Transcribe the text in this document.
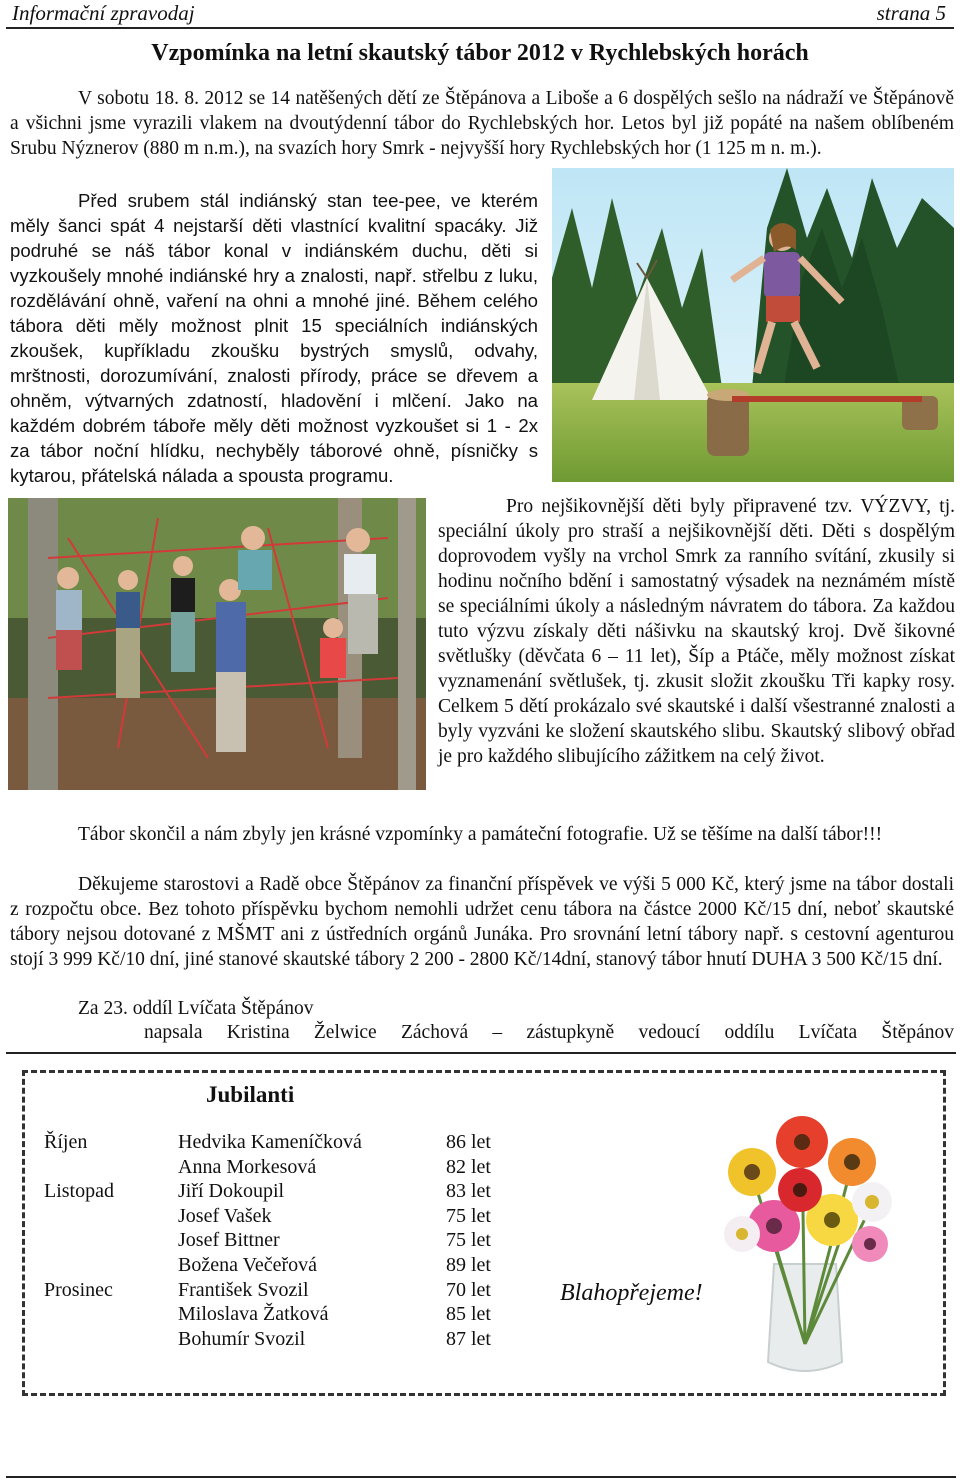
Informační zpravodaj	strana 5
Vzpomínka na letní skautský tábor 2012 v Rychlebských horách

V sobotu 18. 8. 2012 se 14 natěšených dětí ze Štěpánova a Liboše a 6 dospělých sešlo na nádraží ve Štěpánově a všichni jsme vyrazili vlakem na dvoutýdenní tábor do Rychlebských hor. Letos byl již popáté na našem oblíbeném Srubu Nýznerov (880 m n.m.), na svazích hory Smrk - nejvyšší hory Rychlebských hor (1 125 m n. m.).

Před srubem stál indiánský stan tee-pee, ve kterém měly šanci spát 4 nejstarší děti vlastnící kvalitní spacáky. Již podruhé se náš tábor konal v indiánském duchu, děti si vyzkoušely mnohé indiánské hry a znalosti, např. střelbu z luku, rozdělávání ohně, vaření na ohni a mnohé jiné. Během celého tábora děti měly možnost plnit 15 speciálních indiánských zkoušek, kupříkladu zkoušku bystrých smyslů, odvahy, mrštnosti, dorozumívání, znalosti přírody, práce se dřevem a ohněm, výtvarných zdatností, hladovění i mlčení. Jako na každém dobrém táboře měly děti možnost vyzkoušet si 1 - 2x za tábor noční hlídku, nechyběly táborové ohně, písničky s kytarou, přátelská nálada a spousta programu.

Pro nejšikovnější děti byly připravené tzv. VÝZVY, tj. speciální úkoly pro straší a nejšikovnější děti. Děti s dospělým doprovodem vyšly na vrchol Smrk za ranního svítání, zkusily si hodinu nočního bdění i samostatný výsadek na neznámém místě se speciálními úkoly a následným návratem do tábora. Za každou tuto výzvu získaly děti nášivku na skautský kroj. Dvě šikovné světlušky (děvčata 6 – 11 let), Šíp a Ptáče, měly možnost získat vyznamenání světlušek, tj. zkusit složit zkoušku Tři kapky rosy. Celkem 5 dětí prokázalo své skautské i další všestranné znalosti a byly vyzváni ke složení skautského slibu. Skautský slibový obřad je pro každého slibujícího zážitkem na celý život.

Tábor skončil a nám zbyly jen krásné vzpomínky a památeční fotografie. Už se těšíme na další tábor!!!

Děkujeme starostovi a Radě obce Štěpánov za finanční příspěvek ve výši 5 000 Kč, který jsme na tábor dostali z rozpočtu obce. Bez tohoto příspěvku bychom nemohli udržet cenu tábora na částce 2000 Kč/15 dní, neboť skautské tábory nejsou dotované z MŠMT ani z ústředních orgánů Junáka. Pro srovnání letní tábory např. s cestovní agenturou stojí 3 999 Kč/10 dní, jiné stanové skautské tábory 2 200 - 2800 Kč/14dní, stanový tábor hnutí DUHA 3 500 Kč/15 dní.

Za 23. oddíl Lvíčata Štěpánov
napsala Kristina Želwice Záchová – zástupkyně vedoucí oddílu Lvíčata Štěpánov
Jubilanti
Říjen	Hedvika Kameníčková	86 let
Anna Morkesová	82 let
Listopad	Jiří Dokoupil	83 let
Josef Vašek	75 let
Josef Bittner	75 let
Božena Večeřová	89 let
Prosinec	František Svozil	70 let
Miloslava Žatková	85 let
Bohumír Svozil	87 let
Blahopřejeme!
